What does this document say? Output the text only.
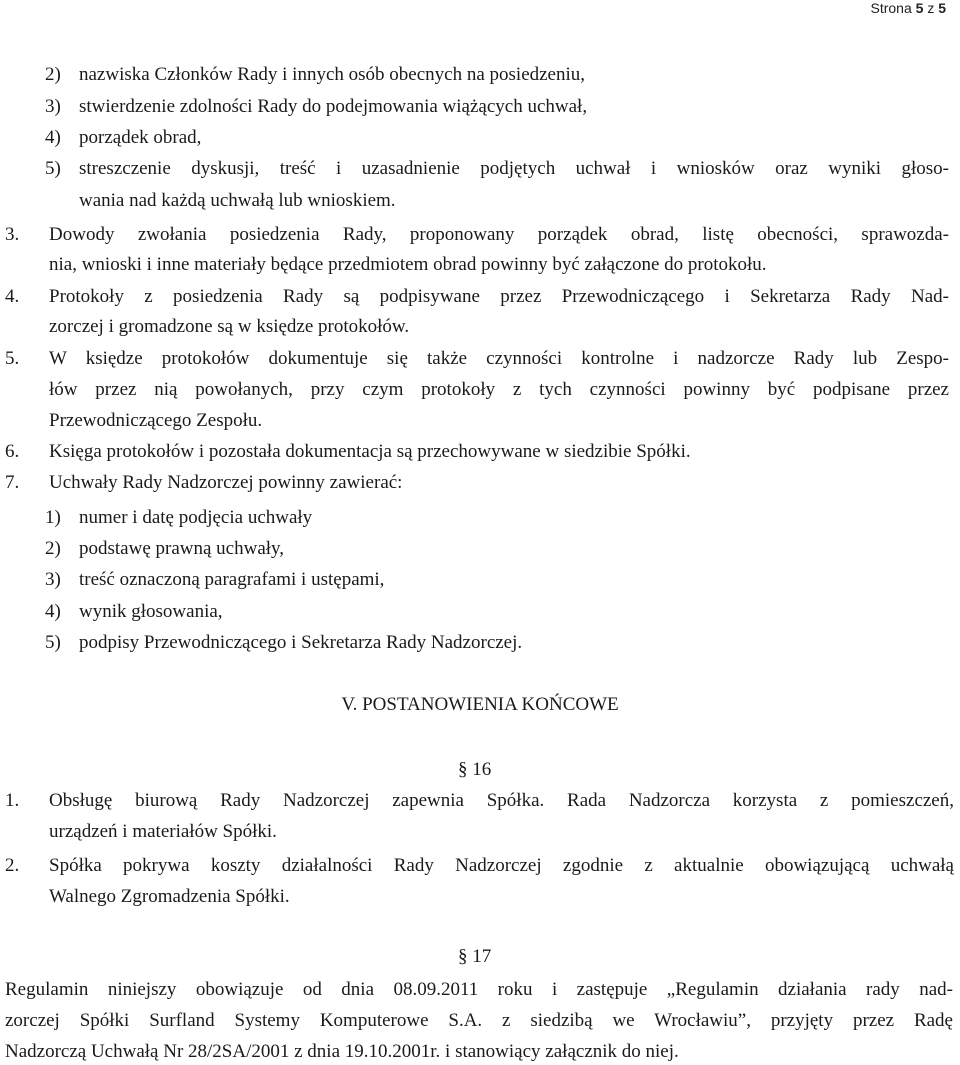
Strona 5 z 5
2) nazwiska Członków Rady i innych osób obecnych na posiedzeniu,
3) stwierdzenie zdolności Rady do podejmowania wiążących uchwał,
4) porządek obrad,
5) streszczenie dyskusji, treść i uzasadnienie podjętych uchwał i wniosków oraz wyniki głoso-
wania nad każdą uchwałą lub wnioskiem.
3. Dowody zwołania posiedzenia Rady, proponowany porządek obrad, listę obecności, sprawozda-
nia, wnioski i inne materiały będące przedmiotem obrad powinny być załączone do protokołu.
4. Protokoły z posiedzenia Rady są podpisywane przez Przewodniczącego i Sekretarza Rady Nad-
zorczej i gromadzone są w księdze protokołów.
5. W księdze protokołów dokumentuje się także czynności kontrolne i nadzorcze Rady lub Zespo-
łów przez nią powołanych, przy czym protokoły z tych czynności powinny być podpisane przez
Przewodniczącego Zespołu.
6. Księga protokołów i pozostała dokumentacja są przechowywane w siedzibie Spółki.
7. Uchwały Rady Nadzorczej powinny zawierać:
1) numer i datę podjęcia uchwały
2) podstawę prawną uchwały,
3) treść oznaczoną paragrafami i ustępami,
4) wynik głosowania,
5) podpisy Przewodniczącego i Sekretarza Rady Nadzorczej.
V. POSTANOWIENIA KOŃCOWE
§ 16
1. Obsługę biurową Rady Nadzorczej zapewnia Spółka. Rada Nadzorcza korzysta z pomieszczeń,
urządzeń i materiałów Spółki.
2. Spółka pokrywa koszty działalności Rady Nadzorczej zgodnie z aktualnie obowiązującą uchwałą
Walnego Zgromadzenia Spółki.
§ 17
Regulamin niniejszy obowiązuje od dnia 08.09.2011 roku i zastępuje „Regulamin działania rady nad-
zorczej Spółki Surfland Systemy Komputerowe S.A. z siedzibą we Wrocławiu”, przyjęty przez Radę
Nadzorczą Uchwałą Nr 28/2SA/2001 z dnia 19.10.2001r. i stanowiący załącznik do niej.
